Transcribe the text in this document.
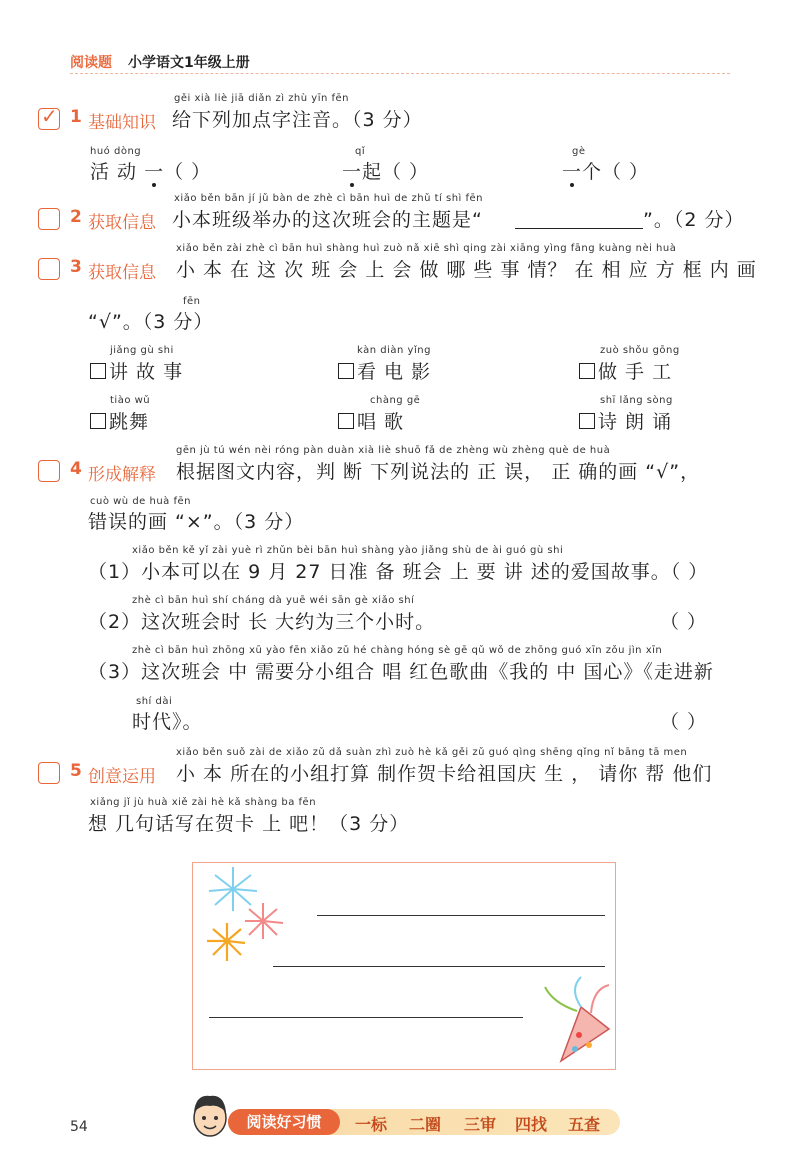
阅读题 小学语文1年级上册
✓
1 基础知识
gěi xià liè jiā diǎn zì zhù yīn fēn
给下列加点字注音。（3 分）
huó dòng
活 动 一（ ）
qǐ
一起（ ）
gè
一个（ ）
2 获取信息
xiǎo běn bān jí jǔ bàn de zhè cì bān huì de zhǔ tí shì fēn
小本班级举办的这次班会的主题是“	”。（2 分）
3 获取信息
xiǎo běn zài zhè cì bān huì shàng huì zuò nǎ xiē shì qing zài xiāng yìng fāng kuàng nèi huà
小 本 在 这 次 班 会 上 会 做 哪 些 事 情？ 在 相 应 方 框 内 画
fēn
“√”。（3 分）
jiǎng gù shi
讲 故 事
kàn diàn yǐng
看 电 影
zuò shǒu gōng
做 手 工
tiào wǔ
跳舞
chàng gē
唱 歌
shī lǎng sòng
诗 朗 诵
4 形成解释
gēn jù tú wén nèi róng pàn duàn xià liè shuō fǎ de zhèng wù zhèng què de huà
根据图文内容，判 断 下列说法的 正 误， 正 确的画 “√”，
cuò wù de huà fēn
错误的画 “×”。（3 分）
xiǎo běn kě yǐ zài yuè rì zhǔn bèi bān huì shàng yào jiǎng shù de ài guó gù shi
（1）小本可以在 9 月 27 日准 备 班会 上 要 讲 述的爱国故事。（ ）
zhè cì bān huì shí cháng dà yuē wéi sān gè xiǎo shí
（2）这次班会时 长 大约为三个小时。	（ ）
zhè cì bān huì zhōng xū yào fēn xiǎo zǔ hé chàng hóng sè gē qǔ wǒ de zhōng guó xīn zǒu jìn xīn
（3）这次班会 中 需要分小组合 唱 红色歌曲《我的 中 国心》《走进新
shí dài
时代》。	（ ）
5 创意运用
xiǎo běn suǒ zài de xiǎo zǔ dǎ suàn zhì zuò hè kǎ gěi zǔ guó qìng shēng qǐng nǐ bāng tā men
小 本 所在的小组打算 制作贺卡给祖国庆 生 ， 请你 帮 他们
xiǎng jǐ jù huà xiě zài hè kǎ shàng ba fēn
想 几句话写在贺卡 上 吧！（3 分）
54	阅读好习惯	一标 二圈 三审 四找 五查
